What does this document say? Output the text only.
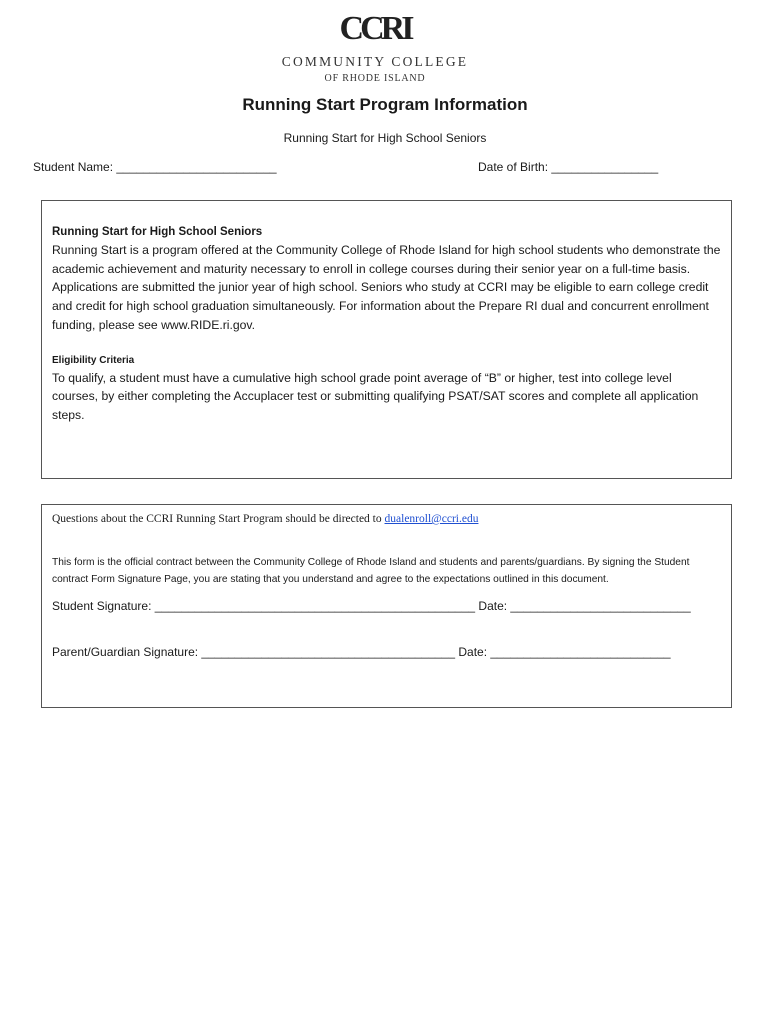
CCRI
COMMUNITY COLLEGE
OF RHODE ISLAND
Running Start Program Information
Running Start for High School Seniors
Student Name: ________________________	Date of Birth: ________________
Running Start for High School Seniors
Running Start is a program offered at the Community College of Rhode Island for high school students who demonstrate the academic achievement and maturity necessary to enroll in college courses during their senior year on a full-time basis.
Applications are submitted the junior year of high school. Seniors who study at CCRI may be eligible to earn college credit and credit for high school graduation simultaneously. For information about the Prepare RI dual and concurrent enrollment funding, please see www.RIDE.ri.gov.
Eligibility Criteria
To qualify, a student must have a cumulative high school grade point average of “B” or higher, test into college level courses, by either completing the Accuplacer test or submitting qualifying PSAT/SAT scores and complete all application steps.
Questions about the CCRI Running Start Program should be directed to dualenroll@ccri.edu
This form is the official contract between the Community College of Rhode Island and students and parents/guardians. By signing the Student contract Form Signature Page, you are stating that you understand and agree to the expectations outlined in this document.
Student Signature: ________________________________________________ Date: ___________________________
Parent/Guardian Signature: ______________________________________ Date: ___________________________
